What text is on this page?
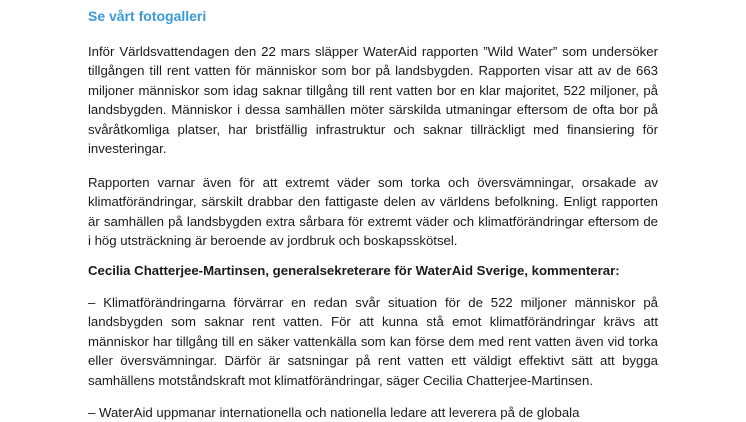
Se vårt fotogalleri

Inför Världsvattendagen den 22 mars släpper WaterAid rapporten ”Wild Water” som undersöker tillgången till rent vatten för människor som bor på landsbygden. Rapporten visar att av de 663 miljoner människor som idag saknar tillgång till rent vatten bor en klar majoritet, 522 miljoner, på landsbygden. Människor i dessa samhällen möter särskilda utmaningar eftersom de ofta bor på svåråtkomliga platser, har bristfällig infrastruktur och saknar tillräckligt med finansiering för investeringar.

Rapporten varnar även för att extremt väder som torka och översvämningar, orsakade av klimatförändringar, särskilt drabbar den fattigaste delen av världens befolkning. Enligt rapporten är samhällen på landsbygden extra sårbara för extremt väder och klimatförändringar eftersom de i hög utsträckning är beroende av jordbruk och boskapsskötsel.

Cecilia Chatterjee-Martinsen, generalsekreterare för WaterAid Sverige, kommenterar:

– Klimatförändringarna förvärrar en redan svår situation för de 522 miljoner människor på landsbygden som saknar rent vatten. För att kunna stå emot klimatförändringar krävs att människor har tillgång till en säker vattenkälla som kan förse dem med rent vatten även vid torka eller översvämningar. Därför är satsningar på rent vatten ett väldigt effektivt sätt att bygga samhällens motståndskraft mot klimatförändringar, säger Cecilia Chatterjee-Martinsen.

– WaterAid uppmanar internationella och nationella ledare att leverera på de globala
